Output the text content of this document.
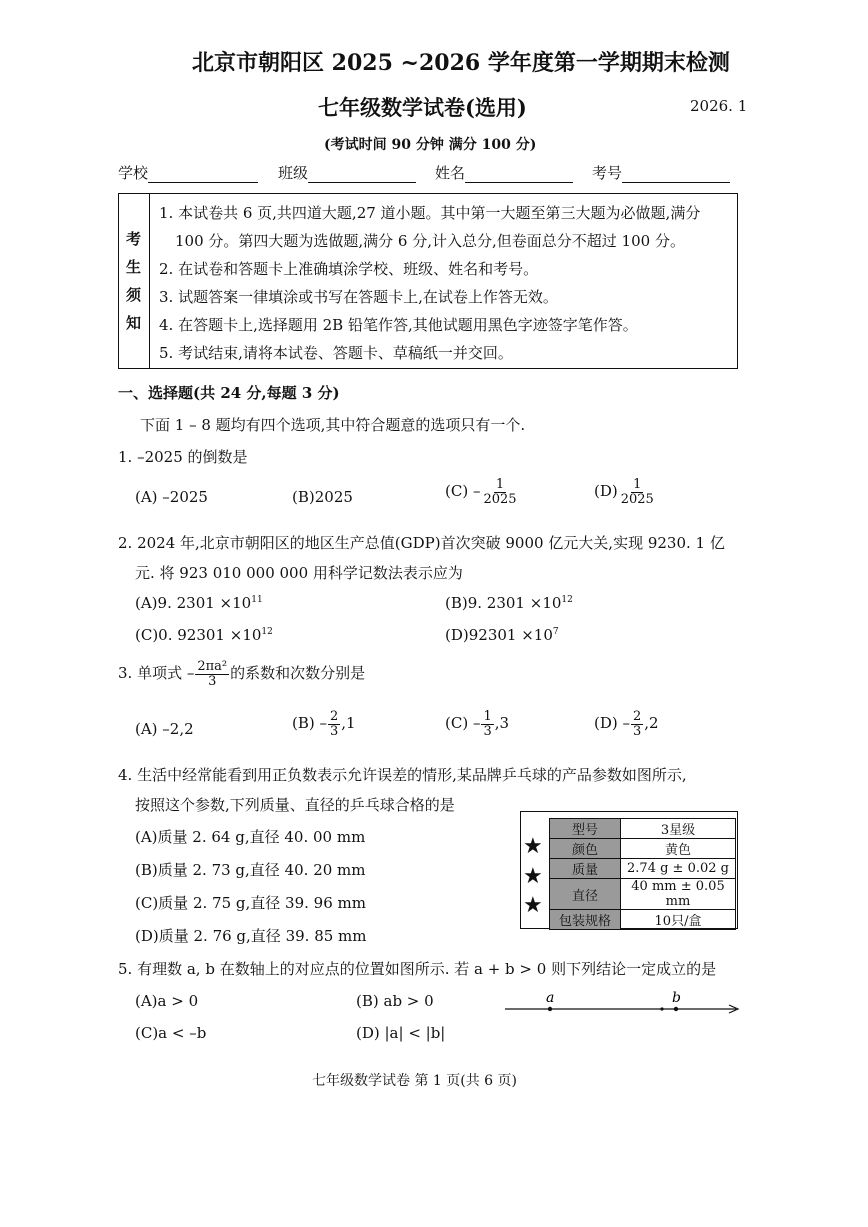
北京市朝阳区 2025 ~2026 学年度第一学期期末检测
七年级数学试卷(选用)	2026. 1
(考试时间 90 分钟 满分 100 分)
学校	班级	姓名	考号
考
生
须
知
1. 本试卷共 6 页,共四道大题,27 道小题。其中第一大题至第三大题为必做题,满分
100 分。第四大题为选做题,满分 6 分,计入总分,但卷面总分不超过 100 分。
2. 在试卷和答题卡上准确填涂学校、班级、姓名和考号。
3. 试题答案一律填涂或书写在答题卡上,在试卷上作答无效。
4. 在答题卡上,选择题用 2B 铅笔作答,其他试题用黑色字迹签字笔作答。
5. 考试结束,请将本试卷、答题卡、草稿纸一并交回。
一、选择题(共 24 分,每题 3 分)
下面 1 – 8 题均有四个选项,其中符合题意的选项只有一个.
1. –2025 的倒数是
(A) –2025	(B)2025	$(C) - \frac{1}{2025}$	$(D) \frac{1}{2025}$
2. 2024 年,北京市朝阳区的地区生产总值(GDP)首次突破 9000 亿元大关,实现 9230. 1 亿
元. 将 923 010 000 000 用科学记数法表示应为
(A)9. $2301 \times 10^{11}$	(B)9. $2301 \times 10^{12}$
(C)0. $92301 \times 10^{12}$	$(D)92301 \times 10^7$
3. 单项式 – $\frac{\text{2πa²}}{3}$ 的系数和次数分别是
(A) –2,2	$(B) - \frac{2}{3} ,1$	$(C) - \frac{1}{3} ,3$	$(D) - \frac{2}{3} ,2$
4. 生活中经常能看到用正负数表示允许误差的情形,某品牌乒乓球的产品参数如图所示,
按照这个参数,下列质量、直径的乒乓球合格的是
(A)质量 2. 64 g,直径 40. 00 mm
(B)质量 2. 73 g,直径 40. 20 mm
(C)质量 2. 75 g,直径 39. 96 mm
(D)质量 2. 76 g,直径 39. 85 mm
★
★
★
型号	3星级
颜色	黄色
质量	2.74 g ± 0.02 g
直径	40 mm ± 0.05 mm
包装规格	10只/盒
5. 有理数 a, b 在数轴上的对应点的位置如图所示. 若 a + b > 0 则下列结论一定成立的是
(A)a > 0	(B) ab > 0
(C)a < –b	(D) |a| < |b|
a	b
七年级数学试卷 第 1 页(共 6 页)
